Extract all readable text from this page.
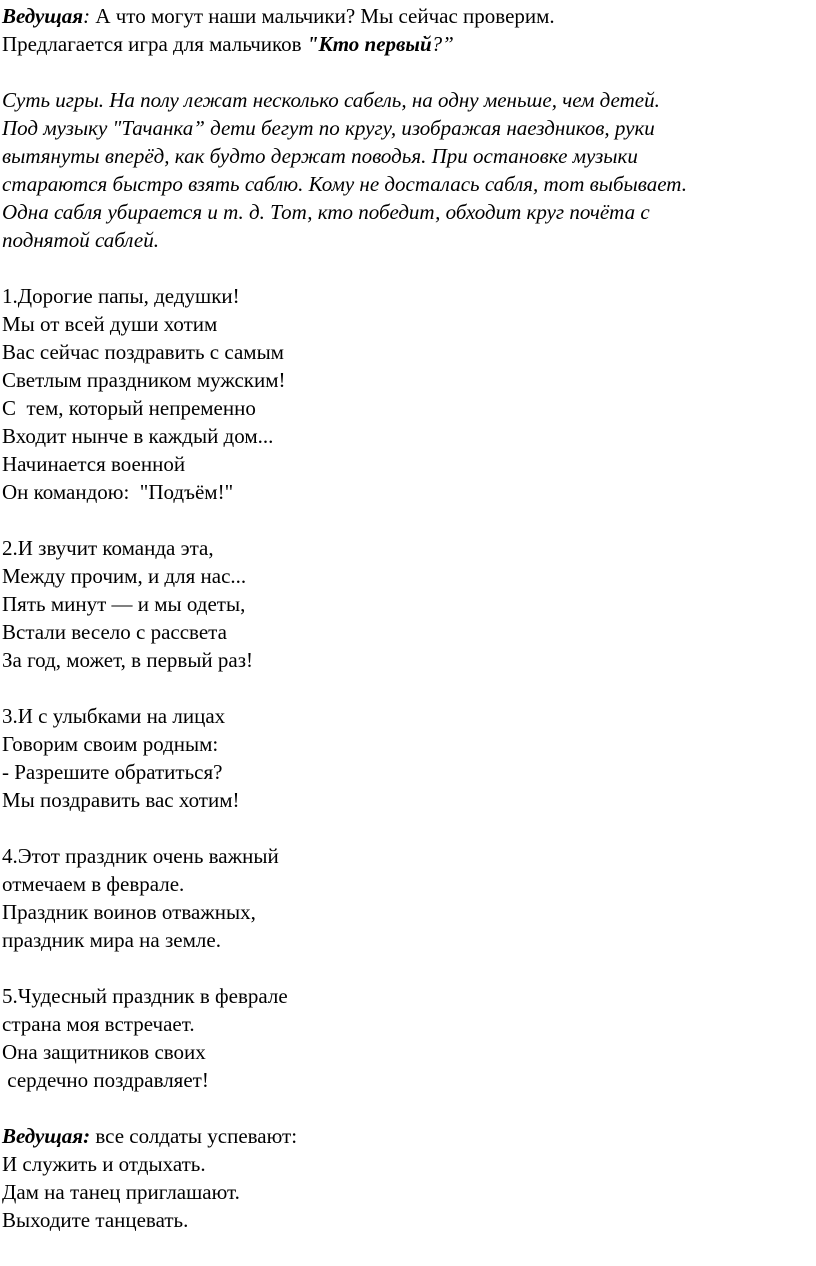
Ведущая: А что могут наши мальчики? Мы сейчас проверим.
Предлагается игра для мальчиков "Кто первый?”
Суть игры. На полу лежат несколько сабель, на одну меньше, чем детей.
Под музыку "Тачанка” дети бегут по кругу, изображая наездников, руки
вытянуты вперёд, как будто держат поводья. При остановке музыки
стараются быстро взять саблю. Кому не досталась сабля, тот выбывает.
Одна сабля убирается и т. д. Тот, кто победит, обходит круг почёта с
поднятой саблей.
1.Дорогие папы, дедушки!
Мы от всей души хотим
Вас сейчас поздравить с самым
Светлым праздником мужским!
С  тем, который непременно
Входит нынче в каждый дом...
Начинается военной
Он командою:  "Подъём!"
2.И звучит команда эта,
Между прочим, и для нас...
Пять минут — и мы одеты,
Встали весело с рассвета
За год, может, в первый раз!
3.И с улыбками на лицах
Говорим своим родным:
- Разрешите обратиться?
Мы поздравить вас хотим!
4.Этот праздник очень важный
отмечаем в феврале.
Праздник воинов отважных,
праздник мира на земле.
5.Чудесный праздник в феврале
страна моя встречает.
Она защитников своих
сердечно поздравляет!
Ведущая: все солдаты успевают:
И служить и отдыхать.
Дам на танец приглашают.
Выходите танцевать.
